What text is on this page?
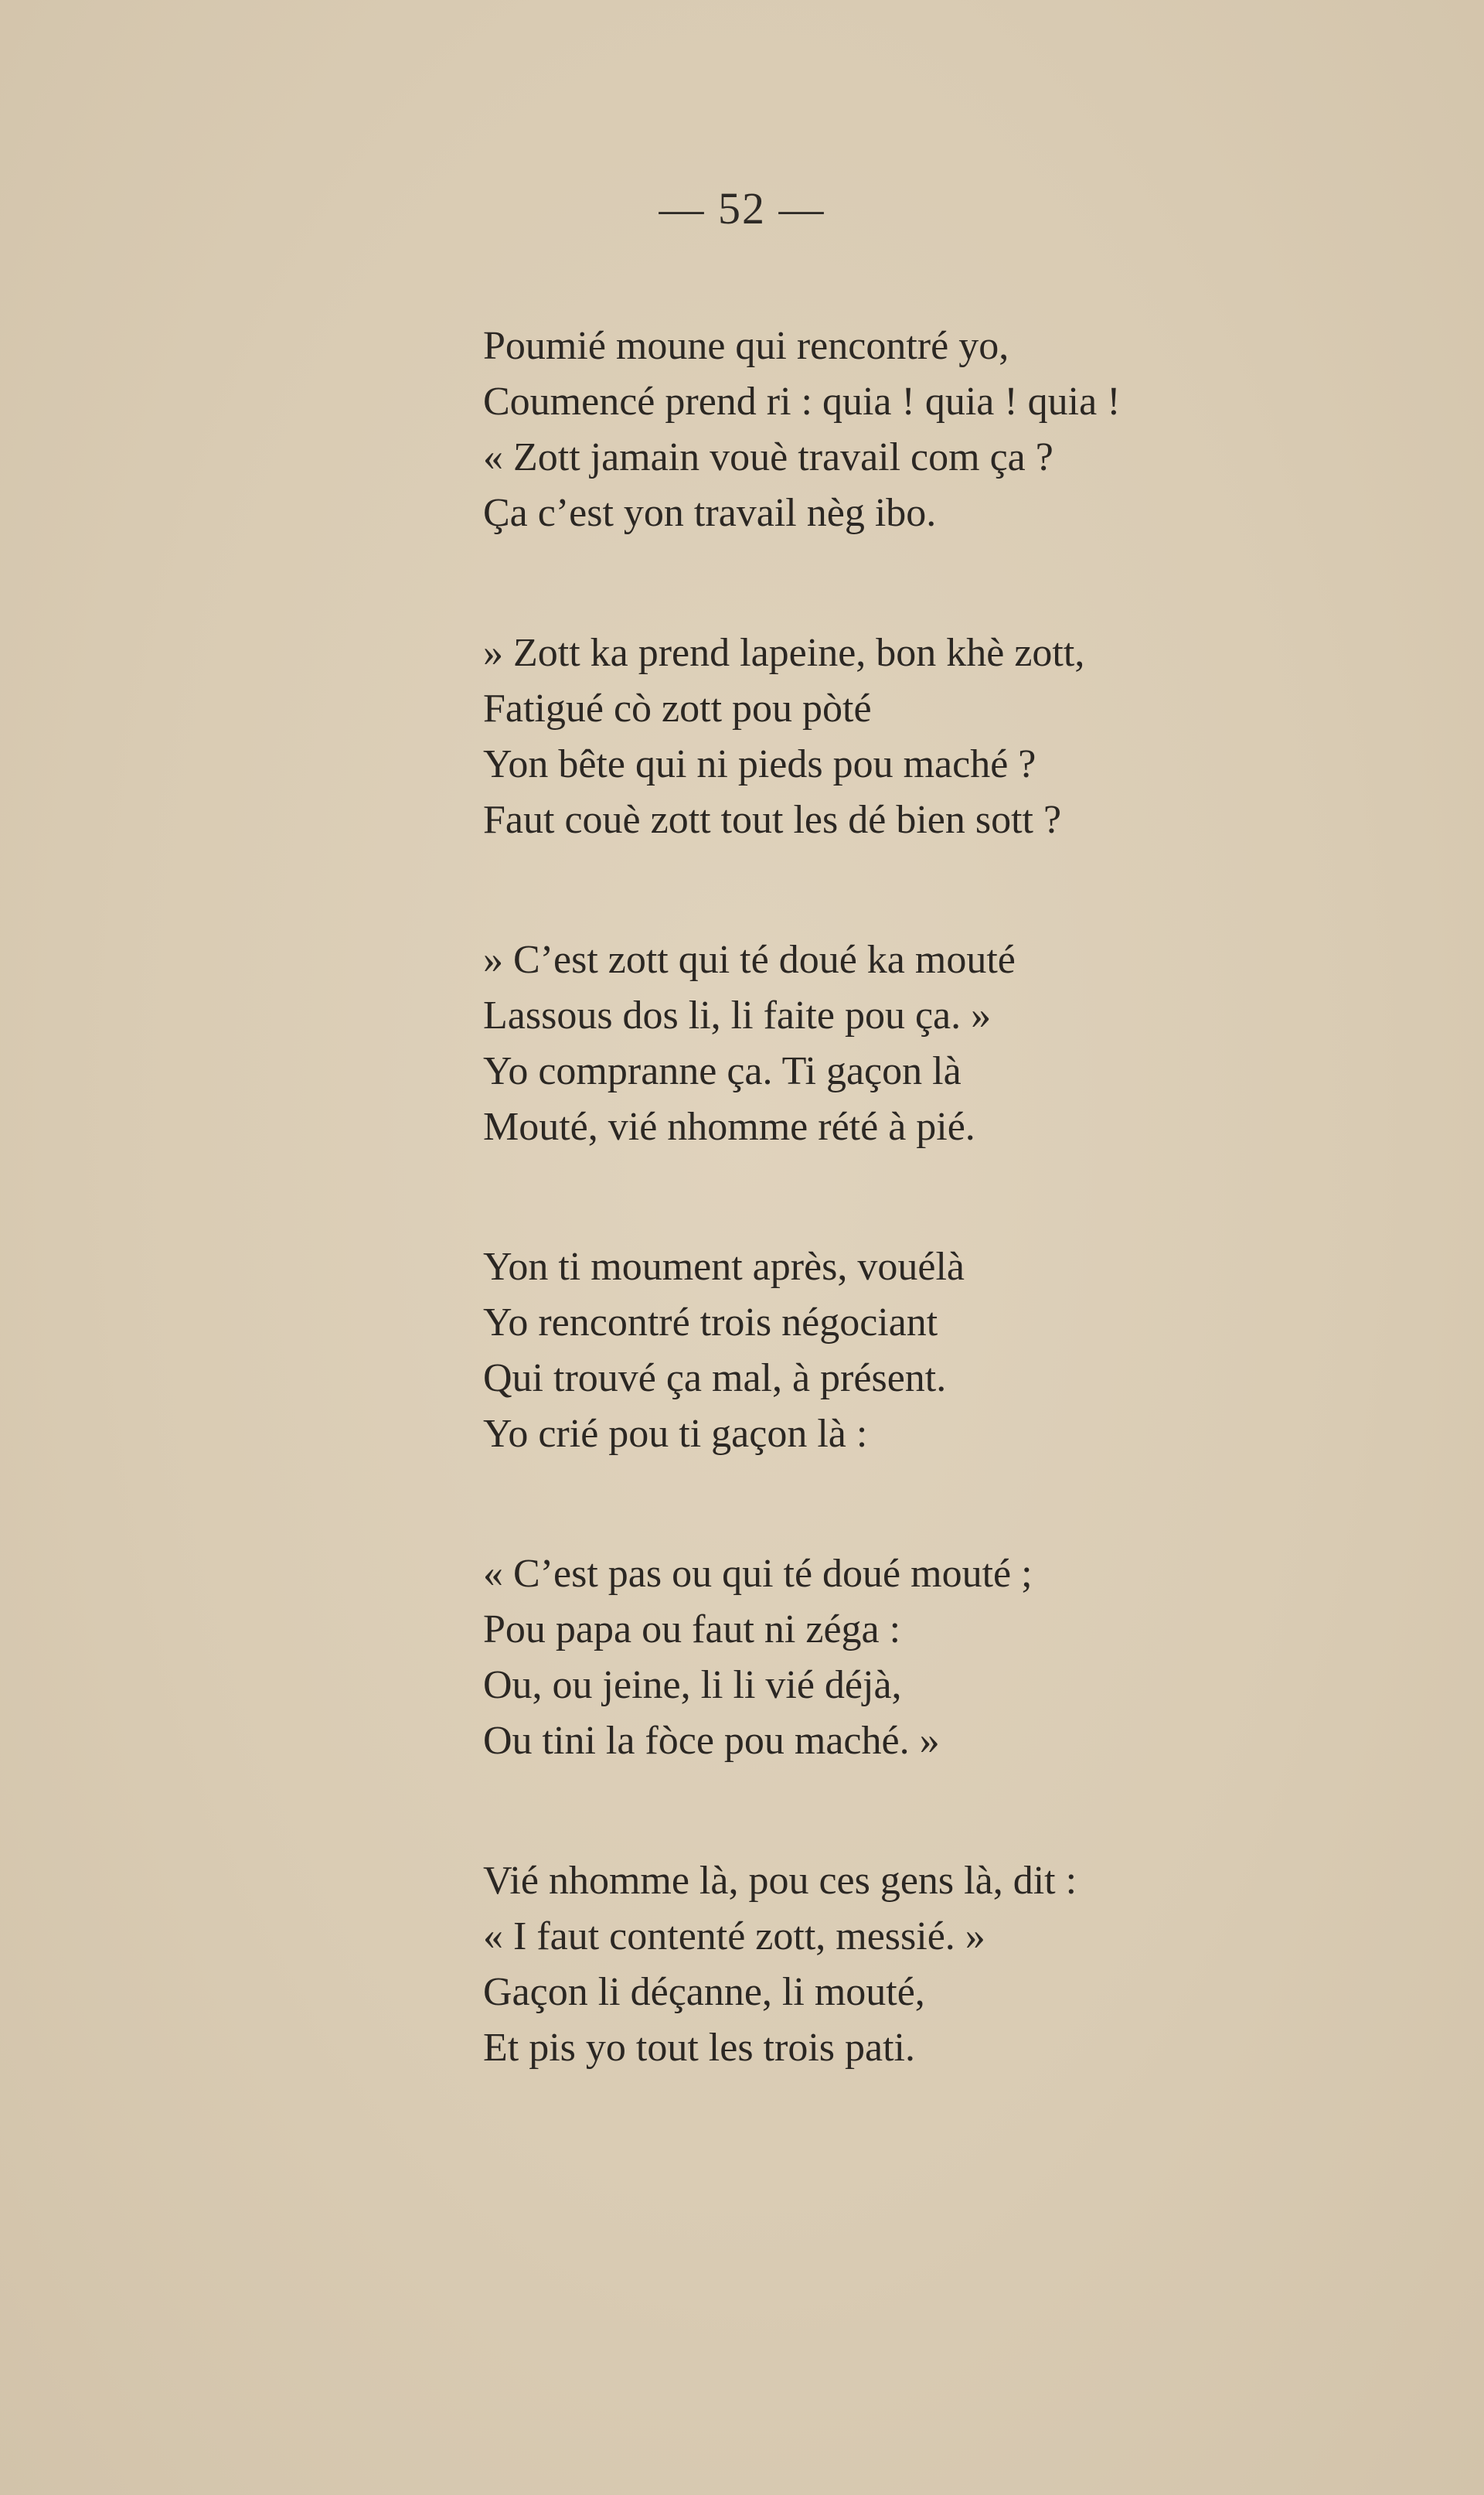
— 52 —
Poumié moune qui rencontré yo,
Coumencé prend ri : quia ! quia ! quia !
« Zott jamain vouè travail com ça ?
Ça c’est yon travail nèg ibo.
» Zott ka prend lapeine, bon khè zott,
Fatigué cò zott pou pòté
Yon bête qui ni pieds pou maché ?
Faut couè zott tout les dé bien sott ?
» C’est zott qui té doué ka mouté
Lassous dos li, li faite pou ça. »
Yo compranne ça. Ti gaçon là
Mouté, vié nhomme rété à pié.
Yon ti moument après, vouélà
Yo rencontré trois négociant
Qui trouvé ça mal, à présent.
Yo crié pou ti gaçon là :
« C’est pas ou qui té doué mouté ;
Pou papa ou faut ni zéga :
Ou, ou jeine, li li vié déjà,
Ou tini la fòce pou maché. »
Vié nhomme là, pou ces gens là, dit :
« I faut contenté zott, messié. »
Gaçon li déçanne, li mouté,
Et pis yo tout les trois pati.
